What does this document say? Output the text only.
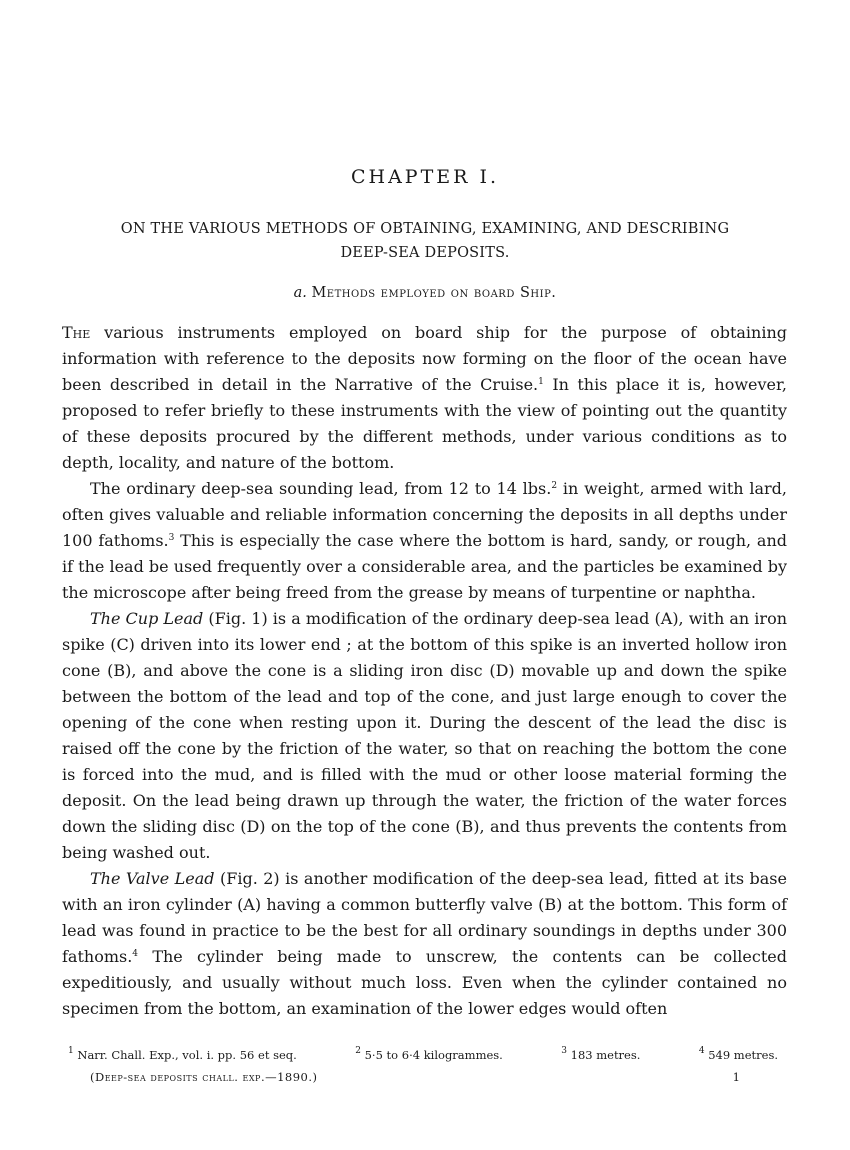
CHAPTER I.
ON THE VARIOUS METHODS OF OBTAINING, EXAMINING, AND DESCRIBING
DEEP-SEA DEPOSITS.
a. Methods employed on board Ship.

The various instruments employed on board ship for the purpose of obtaining information with reference to the deposits now forming on the floor of the ocean have been described in detail in the Narrative of the Cruise.$^1$ In this place it is, however, proposed to refer briefly to these instruments with the view of pointing out the quantity of these deposits procured by the different methods, under various conditions as to depth, locality, and nature of the bottom.

The ordinary deep-sea sounding lead, from 12 to 14 lbs.$^2$ in weight, armed with lard, often gives valuable and reliable information concerning the deposits in all depths under 100 fathoms.$^3$ This is especially the case where the bottom is hard, sandy, or rough, and if the lead be used frequently over a considerable area, and the particles be examined by the microscope after being freed from the grease by means of turpentine or naphtha.

The Cup Lead (Fig. 1) is a modification of the ordinary deep-sea lead (A), with an iron spike (C) driven into its lower end ; at the bottom of this spike is an inverted hollow iron cone (B), and above the cone is a sliding iron disc (D) movable up and down the spike between the bottom of the lead and top of the cone, and just large enough to cover the opening of the cone when resting upon it. During the descent of the lead the disc is raised off the cone by the friction of the water, so that on reaching the bottom the cone is forced into the mud, and is filled with the mud or other loose material forming the deposit. On the lead being drawn up through the water, the friction of the water forces down the sliding disc (D) on the top of the cone (B), and thus prevents the contents from being washed out.

The Valve Lead (Fig. 2) is another modification of the deep-sea lead, fitted at its base with an iron cylinder (A) having a common butterfly valve (B) at the bottom. This form of lead was found in practice to be the best for all ordinary soundings in depths under 300 fathoms.$^4$ The cylinder being made to unscrew, the contents can be collected expeditiously, and usually without much loss. Even when the cylinder contained no specimen from the bottom, an examination of the lower edges would often

$^1$ Narr. Chall. Exp., vol. i. pp. 56 et seq.	$^2$ 5·5 to 6·4 kilogrammes.	$^3$ 183 metres.	$^4$ 549 metres.
(Deep-sea deposits chall. exp.—1890.)	1
